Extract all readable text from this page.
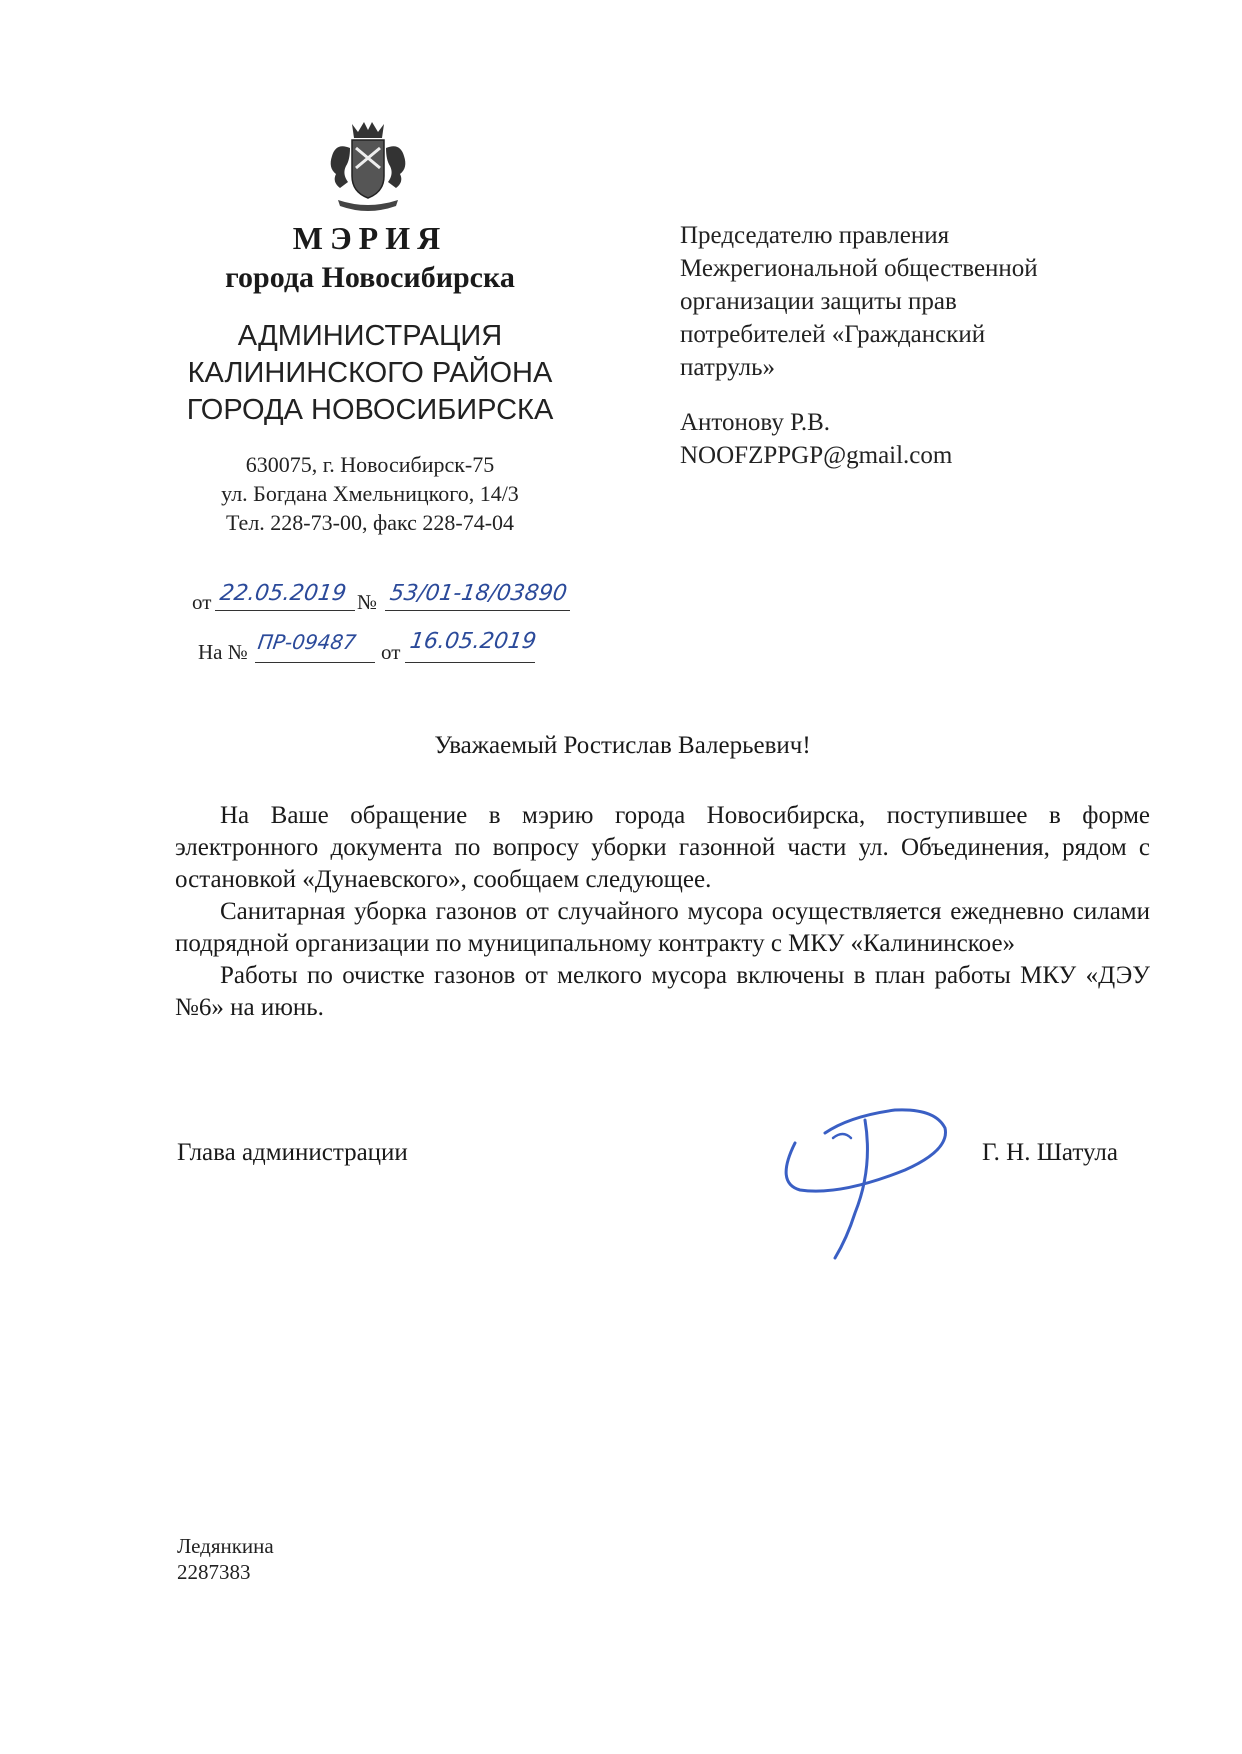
МЭРИЯ
города Новосибирска
АДМИНИСТРАЦИЯ
КАЛИНИНСКОГО РАЙОНА
ГОРОДА НОВОСИБИРСКА
630075, г. Новосибирск-75
ул. Богдана Хмельницкого, 14/3
Тел. 228-73-00, факс 228-74-04
от 22.05.2019 № 53/01-18/03890
На № ПР-09487 от 16.05.2019
Председателю правления
Межрегиональной общественной
организации защиты прав
потребителей «Гражданский
патруль»
Антонову Р.В.
NOOFZPPGP@gmail.com
Уважаемый Ростислав Валерьевич!

На Ваше обращение в мэрию города Новосибирска, поступившее в форме электронного документа по вопросу уборки газонной части ул. Объединения, рядом с остановкой «Дунаевского», сообщаем следующее.

Санитарная уборка газонов от случайного мусора осуществляется ежедневно силами подрядной организации по муниципальному контракту с МКУ «Калининское»

Работы по очистке газонов от мелкого мусора включены в план работы МКУ «ДЭУ №6» на июнь.

Глава администрации	Г. Н. Шатула
Ледянкина
2287383
